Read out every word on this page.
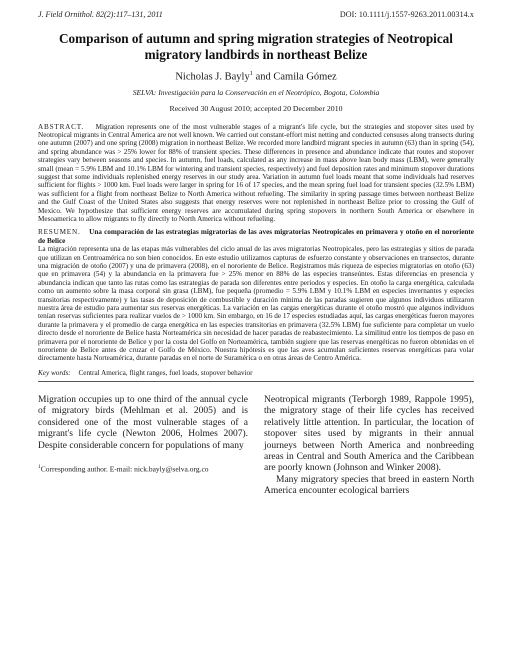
J. Field Ornithol. 82(2):117–131, 2011	DOI: 10.1111/j.1557-9263.2011.00314.x
Comparison of autumn and spring migration strategies of Neotropical migratory landbirds in northeast Belize
Nicholas J. Bayly$^1$ and Camila Gómez
SELVA: Investigación para la Conservación en el Neotrópico, Bogota, Colombia
Received 30 August 2010; accepted 20 December 2010

ABSTRACT. Migration represents one of the most vulnerable stages of a migrant's life cycle, but the strategies and stopover sites used by Neotropical migrants in Central America are not well known. We carried out constant-effort mist netting and conducted censuses along transects during one autumn (2007) and one spring (2008) migration in northeast Belize. We recorded more landbird migrant species in autumn (63) than in spring (54), and spring abundance was > 25% lower for 88% of transient species. These differences in presence and abundance indicate that routes and stopover strategies vary between seasons and species. In autumn, fuel loads, calculated as any increase in mass above lean body mass (LBM), were generally small (mean = 5.9% LBM and 10.1% LBM for wintering and transient species, respectively) and fuel deposition rates and minimum stopover durations suggest that some individuals replenished energy reserves in our study area. Variation in autumn fuel loads meant that some individuals had reserves sufficient for flights > 1000 km. Fuel loads were larger in spring for 16 of 17 species, and the mean spring fuel load for transient species (32.5% LBM) was sufficient for a flight from northeast Belize to North America without refueling. The similarity in spring passage times between northeast Belize and the Gulf Coast of the United States also suggests that energy reserves were not replenished in northeast Belize prior to crossing the Gulf of Mexico. We hypothesize that sufficient energy reserves are accumulated during spring stopovers in northern South America or elsewhere in Mesoamerica to allow migrants to fly directly to North America without refueling.

RESUMEN. Una comparación de las estrategias migratorias de las aves migratorias Neotropicales en primavera y otoño en el nororiente de Belice
La migración representa una de las etapas más vulnerables del ciclo anual de las aves migratorias Neotropicales, pero las estrategias y sitios de parada que utilizan en Centroamérica no son bien conocidos. En este estudio utilizamos capturas de esfuerzo constante y observaciones en transectos, durante una migración de otoño (2007) y una de primavera (2008), en el nororiente de Belice. Registramos más riqueza de especies migratorias en otoño (63) que en primavera (54) y la abundancia en la primavera fue > 25% menor en 88% de las especies transeúntes. Estas diferencias en presencia y abundancia indican que tanto las rutas como las estrategias de parada son diferentes entre periodos y especies. En otoño la carga energética, calculada como un aumento sobre la masa corporal sin grasa (LBM), fue pequeña (promedio = 5.9% LBM y 10.1% LBM en especies invernantes y especies transitorias respectivamente) y las tasas de deposición de combustible y duración mínima de las paradas sugieren que algunos individuos utilizaron nuestra área de estudio para aumentar sus reservas energéticas. La variación en las cargas energéticas durante el otoño mostró que algunos individuos tenían reservas suficientes para realizar vuelos de > 1000 km. Sin embargo, en 16 de 17 especies estudiadas aquí, las cargas energéticas fueron mayores durante la primavera y el promedio de carga energética en las especies transitorias en primavera (32.5% LBM) fue suficiente para completar un vuelo directo desde el nororiente de Belice hasta Norteamérica sin necesidad de hacer paradas de reabastecimiento. La similitud entre los tiempos de paso en primavera por el nororiente de Belice y por la costa del Golfo en Norteamérica, también sugiere que las reservas energéticas no fueron obtenidas en el nororiente de Belice antes de cruzar el Golfo de México. Nuestra hipótesis es que las aves acumulan suficientes reservas energéticas para volar directamente hasta Norteamérica, durante paradas en el norte de Suramérica o en otras áreas de Centro América.

Key words: Central America, flight ranges, fuel loads, stopover behavior

Migration occupies up to one third of the annual cycle of migratory birds (Mehlman et al. 2005) and is considered one of the most vulnerable stages of a migrant's life cycle (Newton 2006, Holmes 2007). Despite considerable concern for populations of many

$^1$Corresponding author. E-mail: nick.bayly@selva.org.co

Neotropical migrants (Terborgh 1989, Rappole 1995), the migratory stage of their life cycles has received relatively little attention. In particular, the location of stopover sites used by migrants in their annual journeys between North America and nonbreeding areas in Central and South America and the Caribbean are poorly known (Johnson and Winker 2008).

Many migratory species that breed in eastern North America encounter ecological barriers
